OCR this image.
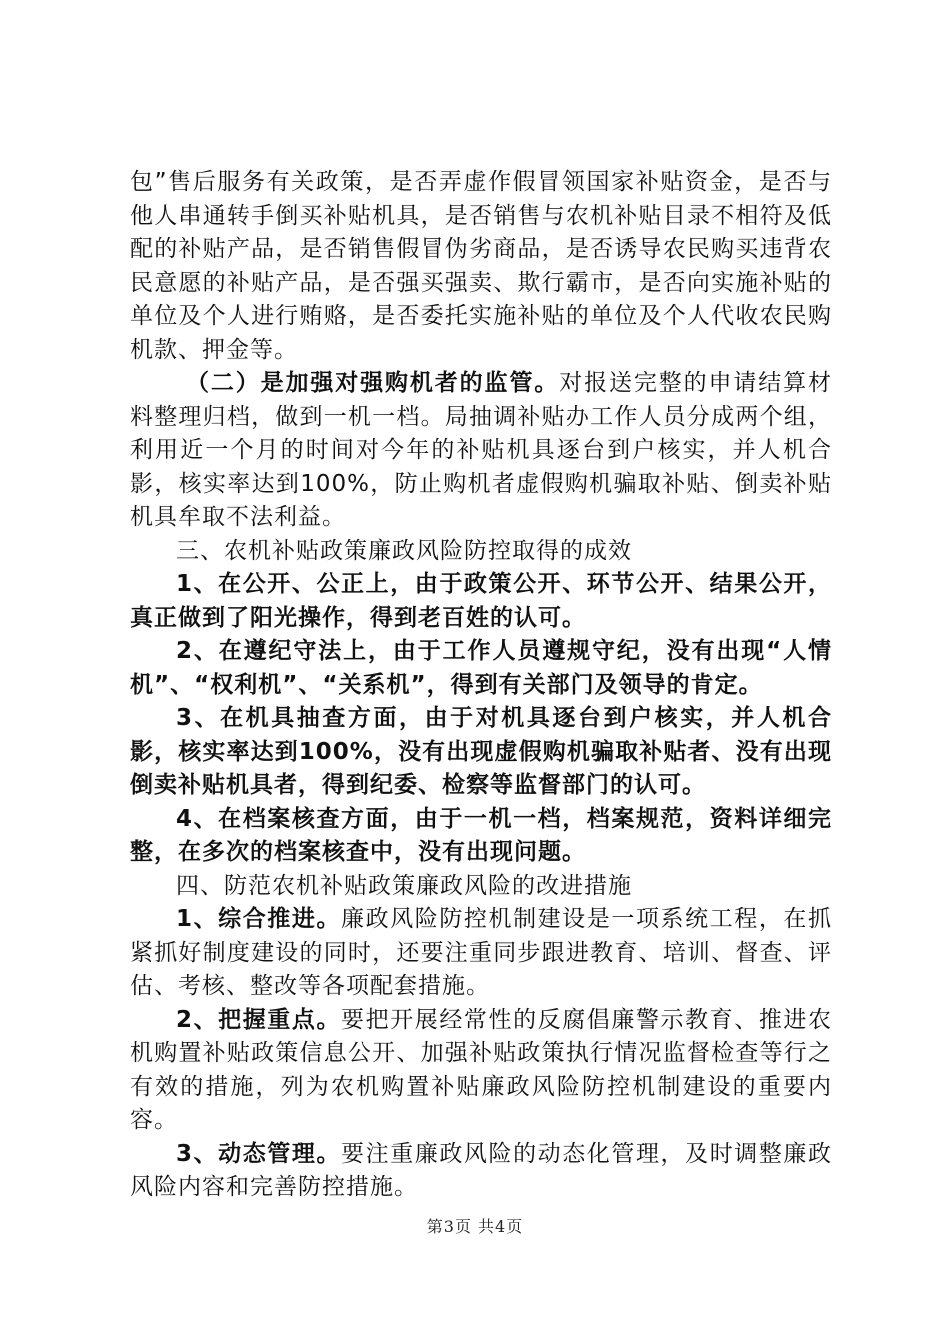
包”售后服务有关政策，是否弄虚作假冒领国家补贴资金，是否与他人串通转手倒买补贴机具，是否销售与农机补贴目录不相符及低配的补贴产品，是否销售假冒伪劣商品，是否诱导农民购买违背农民意愿的补贴产品，是否强买强卖、欺行霸市，是否向实施补贴的单位及个人进行贿赂，是否委托实施补贴的单位及个人代收农民购机款、押金等。

（二）是加强对强购机者的监管。对报送完整的申请结算材料整理归档，做到一机一档。局抽调补贴办工作人员分成两个组，利用近一个月的时间对今年的补贴机具逐台到户核实，并人机合影，核实率达到100%，防止购机者虚假购机骗取补贴、倒卖补贴机具牟取不法利益。

三、农机补贴政策廉政风险防控取得的成效

1、在公开、公正上，由于政策公开、环节公开、结果公开，真正做到了阳光操作，得到老百姓的认可。

2、在遵纪守法上，由于工作人员遵规守纪，没有出现“人情机”、“权利机”、“关系机”，得到有关部门及领导的肯定。

3、在机具抽查方面，由于对机具逐台到户核实，并人机合影，核实率达到100%，没有出现虚假购机骗取补贴者、没有出现倒卖补贴机具者，得到纪委、检察等监督部门的认可。

4、在档案核查方面，由于一机一档，档案规范，资料详细完整，在多次的档案核查中，没有出现问题。

四、防范农机补贴政策廉政风险的改进措施

1、综合推进。廉政风险防控机制建设是一项系统工程，在抓紧抓好制度建设的同时，还要注重同步跟进教育、培训、督查、评估、考核、整改等各项配套措施。

2、把握重点。要把开展经常性的反腐倡廉警示教育、推进农机购置补贴政策信息公开、加强补贴政策执行情况监督检查等行之有效的措施，列为农机购置补贴廉政风险防控机制建设的重要内容。

3、动态管理。要注重廉政风险的动态化管理，及时调整廉政风险内容和完善防控措施。

第3页 共4页
